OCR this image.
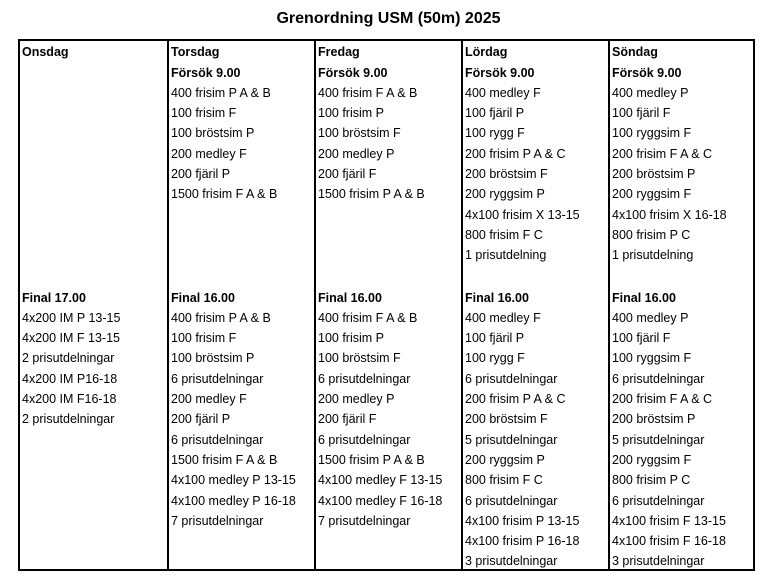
Grenordning USM (50m) 2025
Onsdag
Final 17.00
4x200 IM P 13-15
4x200 IM F 13-15
2 prisutdelningar
4x200 IM P16-18
4x200 IM F16-18
2 prisutdelningar
Torsdag
Försök 9.00
400 frisim P A & B
100 frisim F
100 bröstsim P
200 medley F
200 fjäril P
1500 frisim F A & B
Final 16.00
400 frisim P A & B
100 frisim F
100 bröstsim P
6 prisutdelningar
200 medley F
200 fjäril P
6 prisutdelningar
1500 frisim F A & B
4x100 medley P 13-15
4x100 medley P 16-18
7 prisutdelningar
Fredag
Försök 9.00
400 frisim F A & B
100 frisim P
100 bröstsim F
200 medley P
200 fjäril F
1500 frisim P A & B
Final 16.00
400 frisim F A & B
100 frisim P
100 bröstsim F
6 prisutdelningar
200 medley P
200 fjäril F
6 prisutdelningar
1500 frisim P A & B
4x100 medley F 13-15
4x100 medley F 16-18
7 prisutdelningar
Lördag
Försök 9.00
400 medley F
100 fjäril P
100 rygg F
200 frisim P A & C
200 bröstsim F
200 ryggsim P
4x100 frisim X 13-15
800 frisim F C
1 prisutdelning
Final 16.00
400 medley F
100 fjäril P
100 rygg F
6 prisutdelningar
200 frisim P A & C
200 bröstsim F
5 prisutdelningar
200 ryggsim P
800 frisim F C
6 prisutdelningar
4x100 frisim P 13-15
4x100 frisim P 16-18
3 prisutdelningar
Söndag
Försök 9.00
400 medley P
100 fjäril F
100 ryggsim F
200 frisim F A & C
200 bröstsim P
200 ryggsim F
4x100 frisim X 16-18
800 frisim P C
1 prisutdelning
Final 16.00
400 medley P
100 fjäril F
100 ryggsim F
6 prisutdelningar
200 frisim F A & C
200 bröstsim P
5 prisutdelningar
200 ryggsim F
800 frisim P C
6 prisutdelningar
4x100 frisim F 13-15
4x100 frisim F 16-18
3 prisutdelningar
